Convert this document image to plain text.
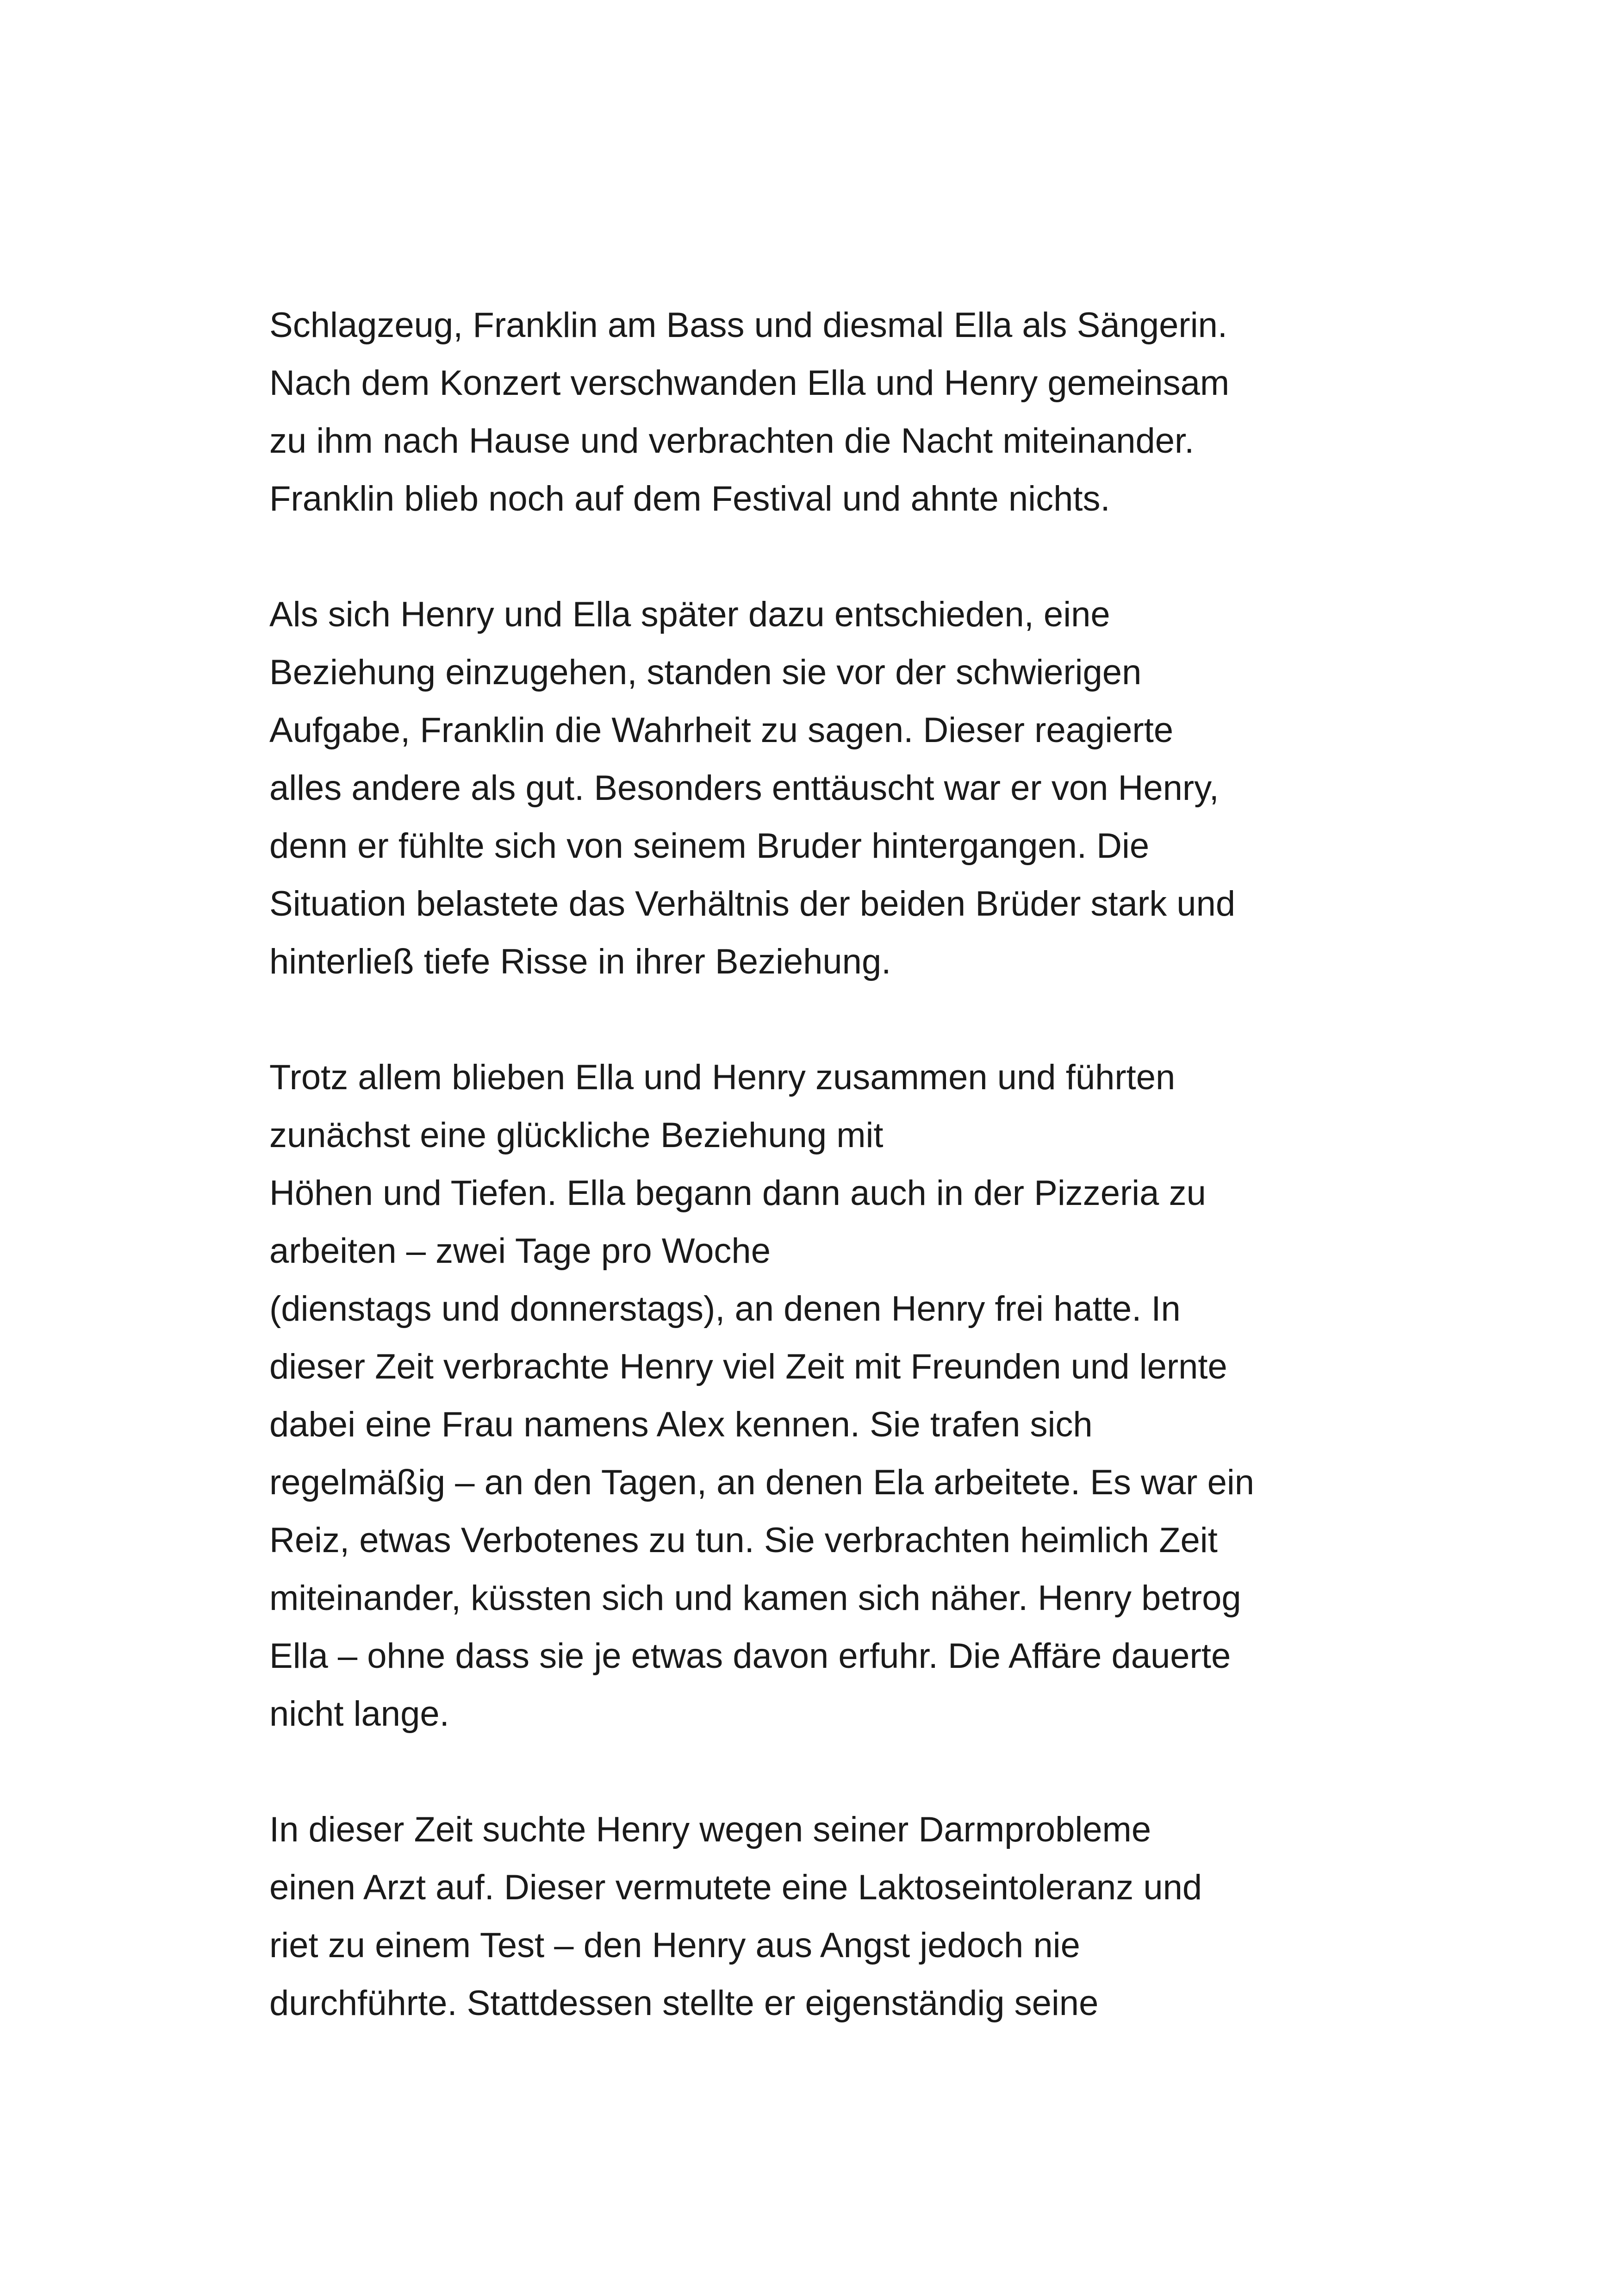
Schlagzeug, Franklin am Bass und diesmal Ella als Sängerin.
Nach dem Konzert verschwanden Ella und Henry gemeinsam
zu ihm nach Hause und verbrachten die Nacht miteinander.
Franklin blieb noch auf dem Festival und ahnte nichts.

Als sich Henry und Ella später dazu entschieden, eine
Beziehung einzugehen, standen sie vor der schwierigen
Aufgabe, Franklin die Wahrheit zu sagen. Dieser reagierte
alles andere als gut. Besonders enttäuscht war er von Henry,
denn er fühlte sich von seinem Bruder hintergangen. Die
Situation belastete das Verhältnis der beiden Brüder stark und
hinterließ tiefe Risse in ihrer Beziehung.

Trotz allem blieben Ella und Henry zusammen und führten
zunächst eine glückliche Beziehung mit
Höhen und Tiefen. Ella begann dann auch in der Pizzeria zu
arbeiten – zwei Tage pro Woche
(dienstags und donnerstags), an denen Henry frei hatte. In
dieser Zeit verbrachte Henry viel Zeit mit Freunden und lernte
dabei eine Frau namens Alex kennen. Sie trafen sich
regelmäßig – an den Tagen, an denen Ela arbeitete. Es war ein
Reiz, etwas Verbotenes zu tun. Sie verbrachten heimlich Zeit
miteinander, küssten sich und kamen sich näher. Henry betrog
Ella – ohne dass sie je etwas davon erfuhr. Die Affäre dauerte
nicht lange.

In dieser Zeit suchte Henry wegen seiner Darmprobleme
einen Arzt auf. Dieser vermutete eine Laktoseintoleranz und
riet zu einem Test – den Henry aus Angst jedoch nie
durchführte. Stattdessen stellte er eigenständig seine
